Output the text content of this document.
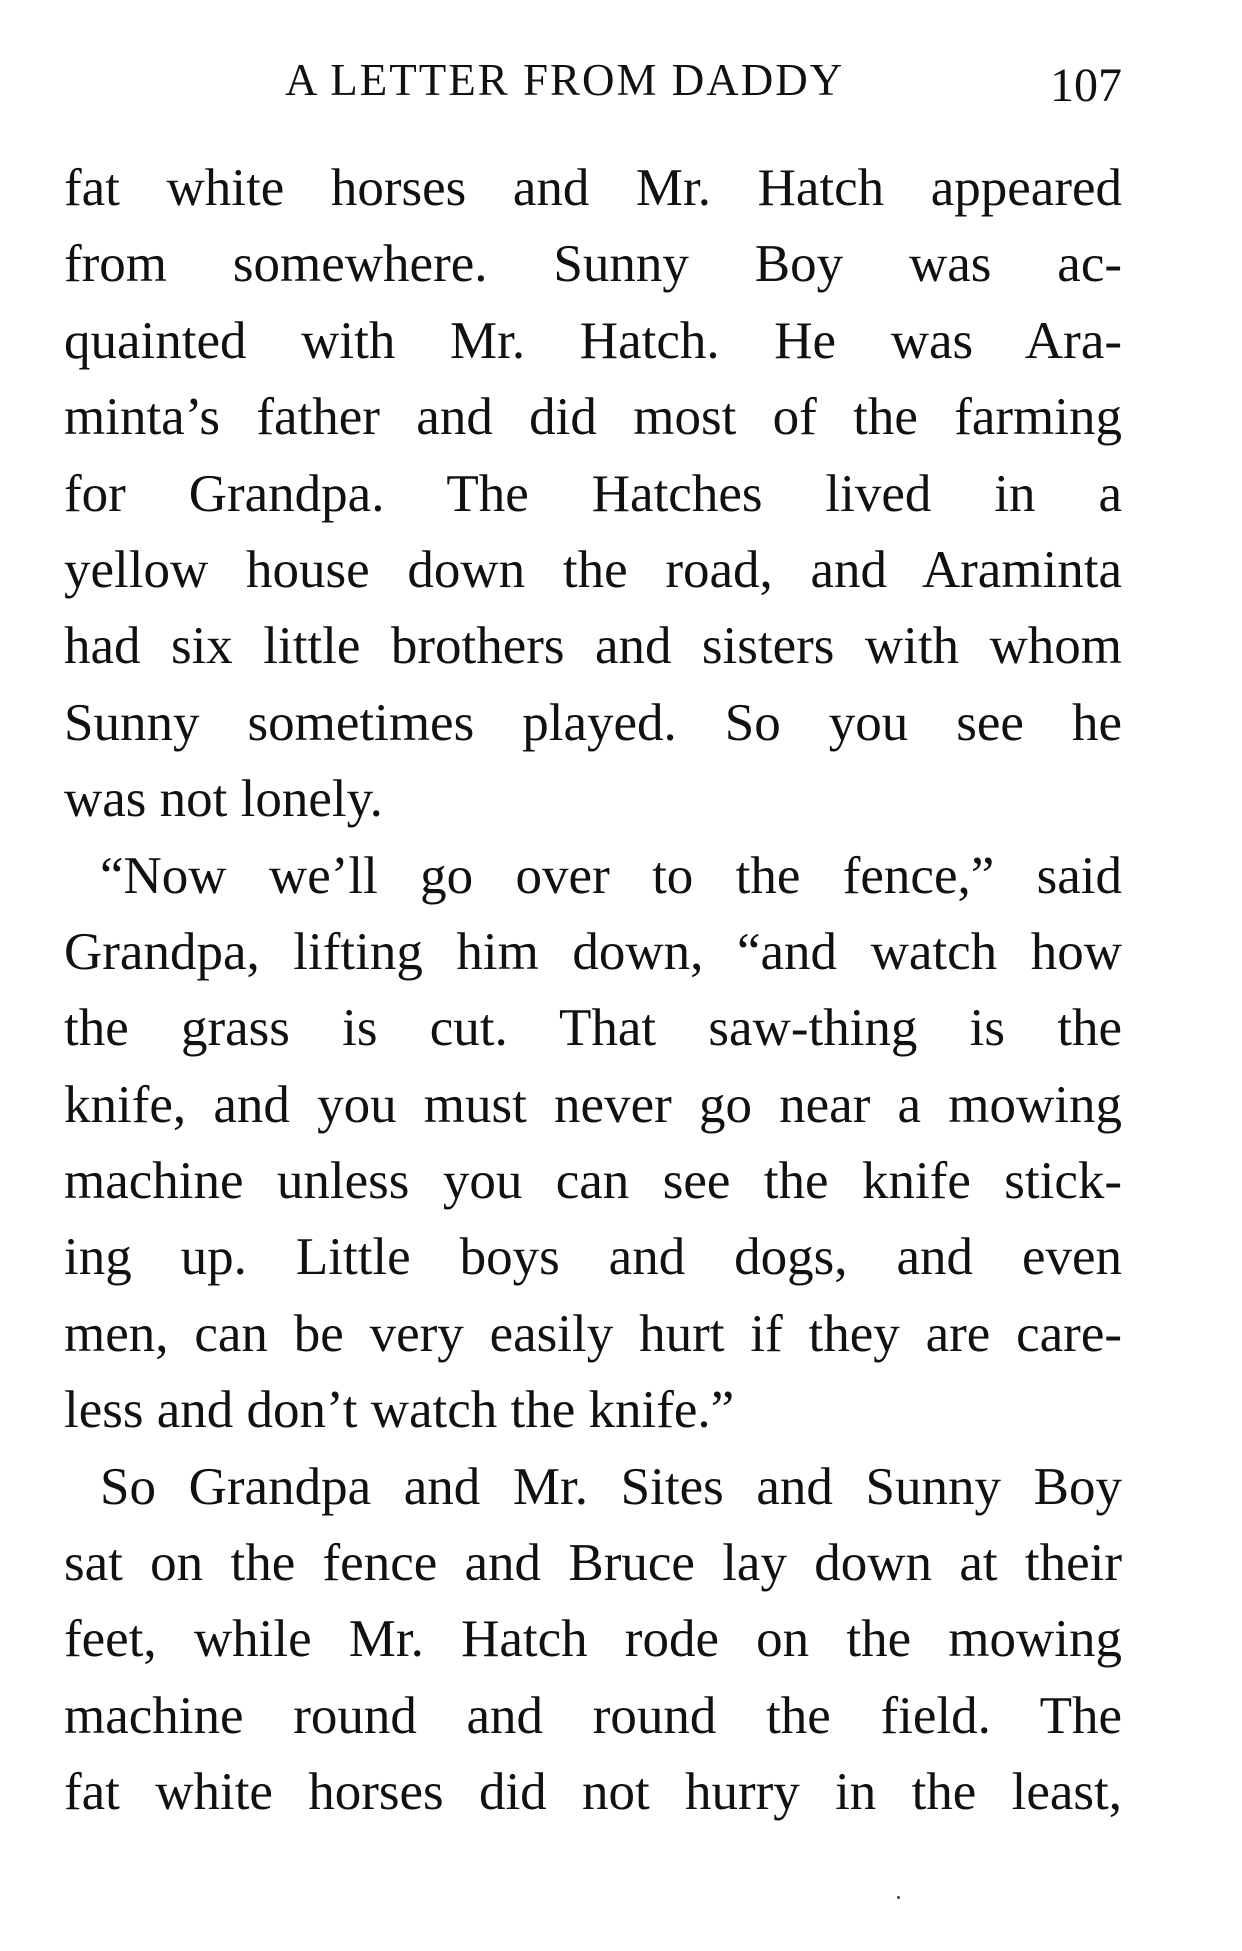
A LETTER FROM DADDY	107
fat white horses and Mr. Hatch appeared
from somewhere. Sunny Boy was ac-
quainted with Mr. Hatch. He was Ara-
minta’s father and did most of the farming
for Grandpa. The Hatches lived in a
yellow house down the road, and Araminta
had six little brothers and sisters with whom
Sunny sometimes played. So you see he
was not lonely.
“Now we’ll go over to the fence,” said
Grandpa, lifting him down, “and watch how
the grass is cut. That saw-thing is the
knife, and you must never go near a mowing
machine unless you can see the knife stick-
ing up. Little boys and dogs, and even
men, can be very easily hurt if they are care-
less and don’t watch the knife.”
So Grandpa and Mr. Sites and Sunny Boy
sat on the fence and Bruce lay down at their
feet, while Mr. Hatch rode on the mowing
machine round and round the field. The
fat white horses did not hurry in the least,
